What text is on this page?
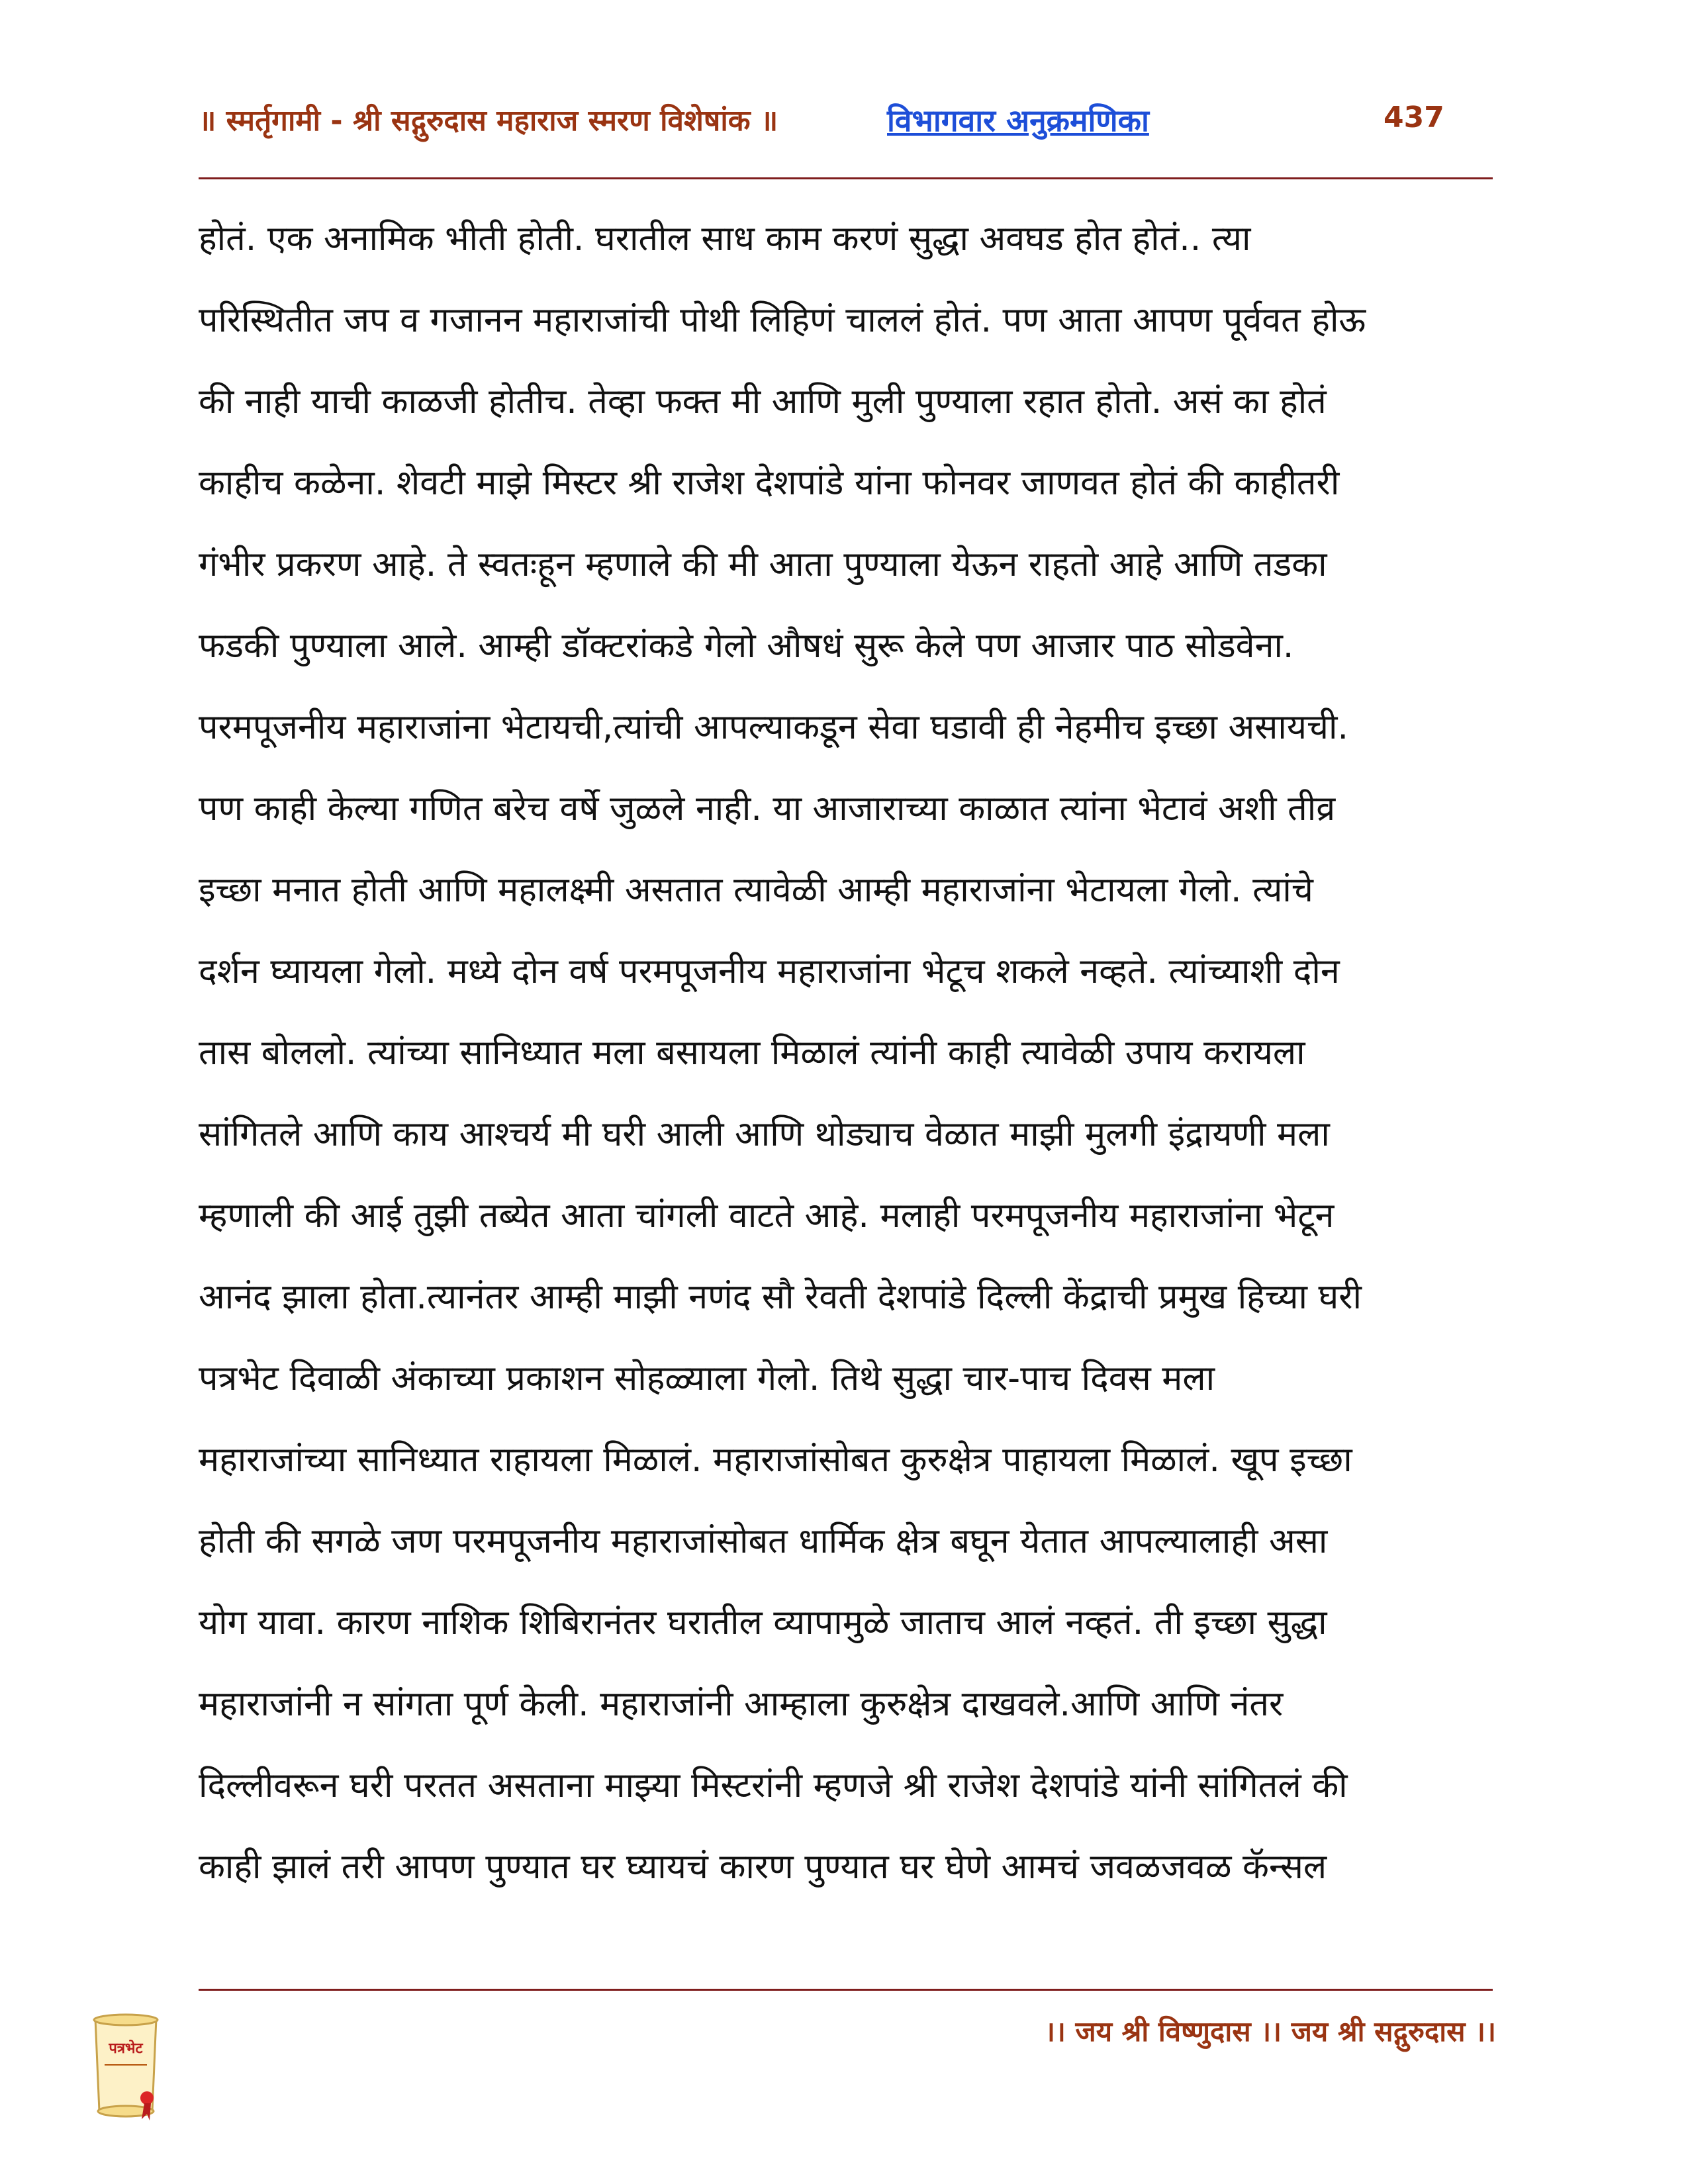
॥ स्मर्तृगामी - श्री सद्गुरुदास महाराज स्मरण विशेषांक ॥	विभागवार अनुक्रमणिका	437
होतं. एक अनामिक भीती होती. घरातील साध काम करणं सुद्धा अवघड होत होतं.. त्या
परिस्थितीत जप व गजानन महाराजांची पोथी लिहिणं चाललं होतं. पण आता आपण पूर्ववत होऊ
की नाही याची काळजी होतीच. तेव्हा फक्त मी आणि मुली पुण्याला रहात होतो. असं का होतं
काहीच कळेना. शेवटी माझे मिस्टर श्री राजेश देशपांडे यांना फोनवर जाणवत होतं की काहीतरी
गंभीर प्रकरण आहे. ते स्वतःहून म्हणाले की मी आता पुण्याला येऊन राहतो आहे आणि तडका
फडकी पुण्याला आले. आम्ही डॉक्टरांकडे गेलो औषधं सुरू केले पण आजार पाठ सोडवेना.
परमपूजनीय महाराजांना भेटायची,त्यांची आपल्याकडून सेवा घडावी ही नेहमीच इच्छा असायची.
पण काही केल्या गणित बरेच वर्षे जुळले नाही. या आजाराच्या काळात त्यांना भेटावं अशी तीव्र
इच्छा मनात होती आणि महालक्ष्मी असतात त्यावेळी आम्ही महाराजांना भेटायला गेलो. त्यांचे
दर्शन घ्यायला गेलो. मध्ये दोन वर्ष परमपूजनीय महाराजांना भेटूच शकले नव्हते. त्यांच्याशी दोन
तास बोललो. त्यांच्या सानिध्यात मला बसायला मिळालं त्यांनी काही त्यावेळी उपाय करायला
सांगितले आणि काय आश्चर्य मी घरी आली आणि थोड्याच वेळात माझी मुलगी इंद्रायणी मला
म्हणाली की आई तुझी तब्येत आता चांगली वाटते आहे. मलाही परमपूजनीय महाराजांना भेटून
आनंद झाला होता.त्यानंतर आम्ही माझी नणंद सौ रेवती देशपांडे दिल्ली केंद्राची प्रमुख हिच्या घरी
पत्रभेट दिवाळी अंकाच्या प्रकाशन सोहळ्याला गेलो. तिथे सुद्धा चार-पाच दिवस मला
महाराजांच्या सानिध्यात राहायला मिळालं. महाराजांसोबत कुरुक्षेत्र पाहायला मिळालं. खूप इच्छा
होती की सगळे जण परमपूजनीय महाराजांसोबत धार्मिक क्षेत्र बघून येतात आपल्यालाही असा
योग यावा. कारण नाशिक शिबिरानंतर घरातील व्यापामुळे जाताच आलं नव्हतं. ती इच्छा सुद्धा
महाराजांनी न सांगता पूर्ण केली. महाराजांनी आम्हाला कुरुक्षेत्र दाखवले.आणि आणि नंतर
दिल्लीवरून घरी परतत असताना माझ्या मिस्टरांनी म्हणजे श्री राजेश देशपांडे यांनी सांगितलं की
काही झालं तरी आपण पुण्यात घर घ्यायचं कारण पुण्यात घर घेणे आमचं जवळजवळ कॅन्सल
पत्रभेट
।। जय श्री विष्णुदास ।। जय श्री सद्गुरुदास ।।
